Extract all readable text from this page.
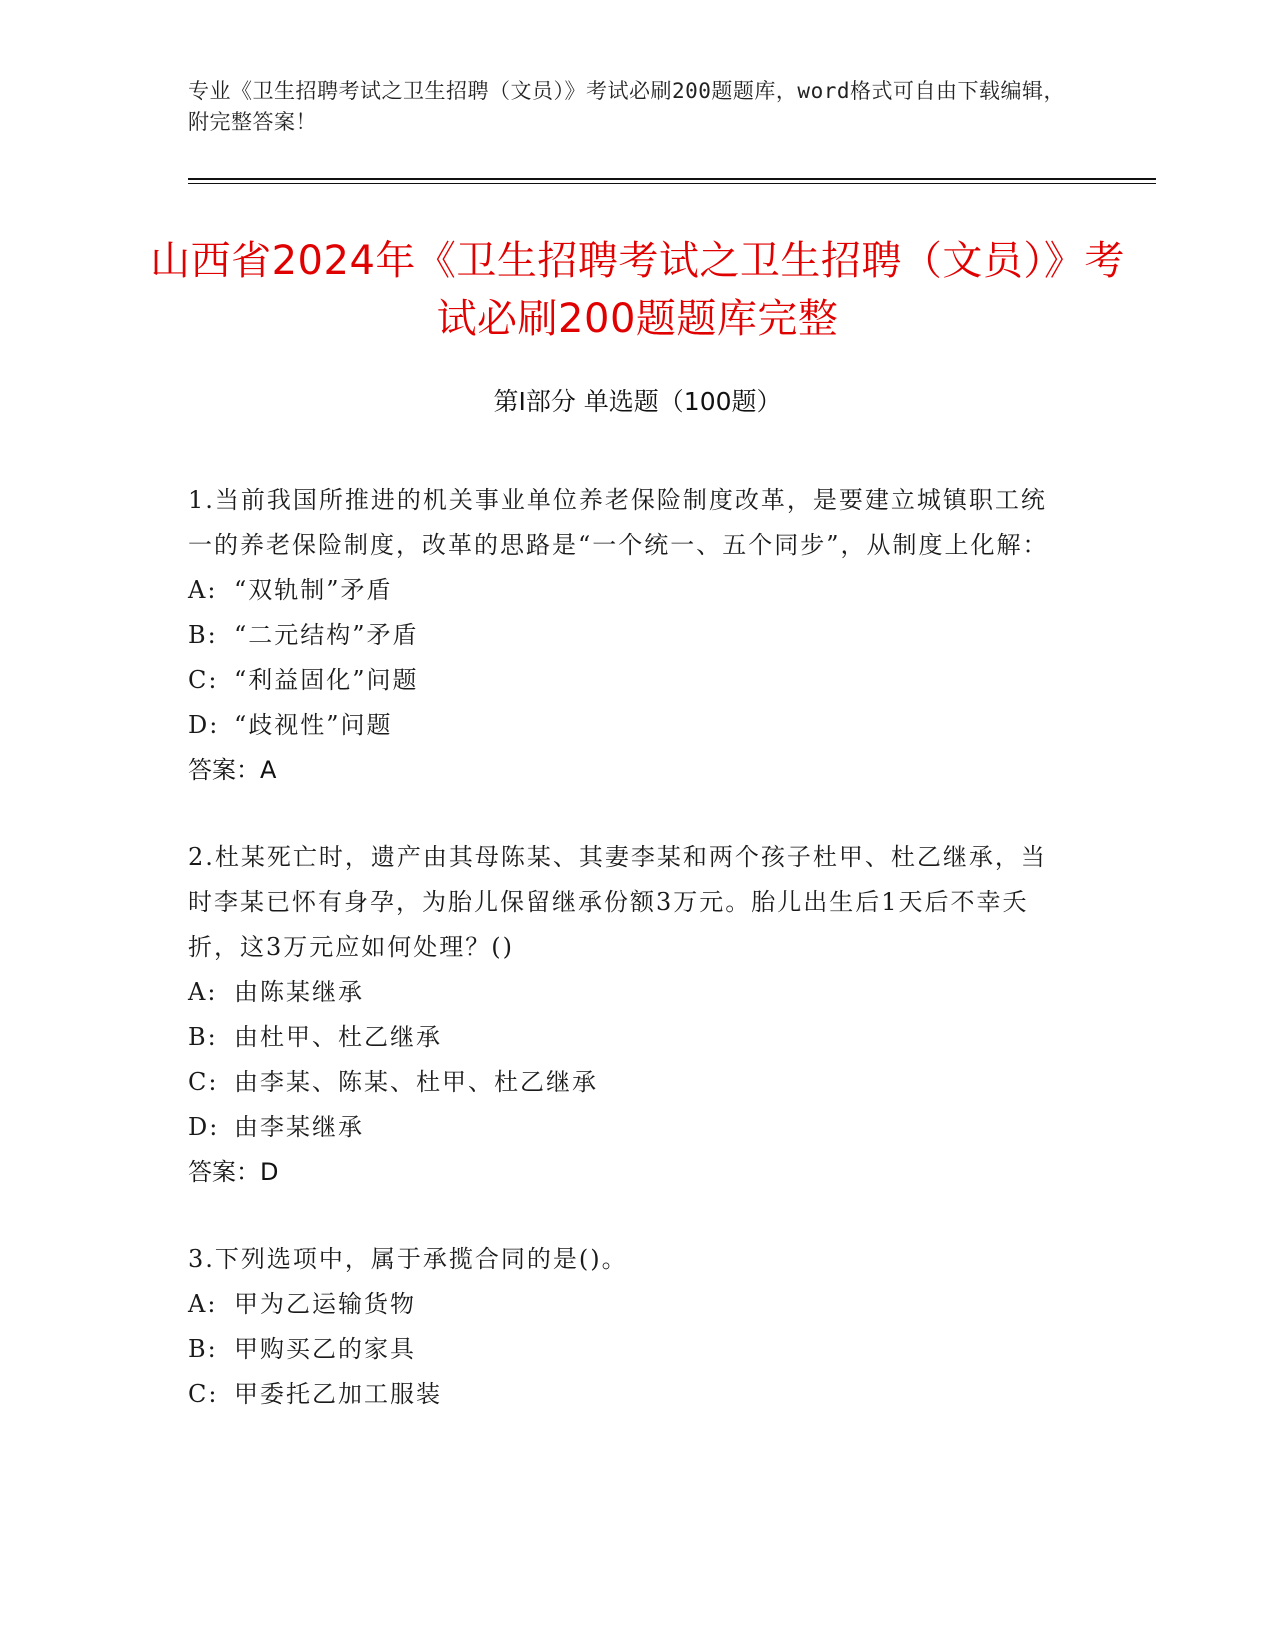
专业《卫生招聘考试之卫生招聘（文员）》考试必刷200题题库，word格式可自由下载编辑，附完整答案！
山西省2024年《卫生招聘考试之卫生招聘（文员）》考试必刷200题题库完整
第Ⅰ部分 单选题（100题）
1.当前我国所推进的机关事业单位养老保险制度改革，是要建立城镇职工统一的养老保险制度，改革的思路是“一个统一、五个同步”，从制度上化解：
A: “双轨制”矛盾
B: “二元结构”矛盾
C: “利益固化”问题
D: “歧视性”问题
答案：A
2.杜某死亡时，遗产由其母陈某、其妻李某和两个孩子杜甲、杜乙继承，当时李某已怀有身孕，为胎儿保留继承份额3万元。胎儿出生后1天后不幸夭折，这3万元应如何处理？()
A: 由陈某继承
B: 由杜甲、杜乙继承
C: 由李某、陈某、杜甲、杜乙继承
D: 由李某继承
答案：D
3.下列选项中，属于承揽合同的是()。
A: 甲为乙运输货物
B: 甲购买乙的家具
C: 甲委托乙加工服装
